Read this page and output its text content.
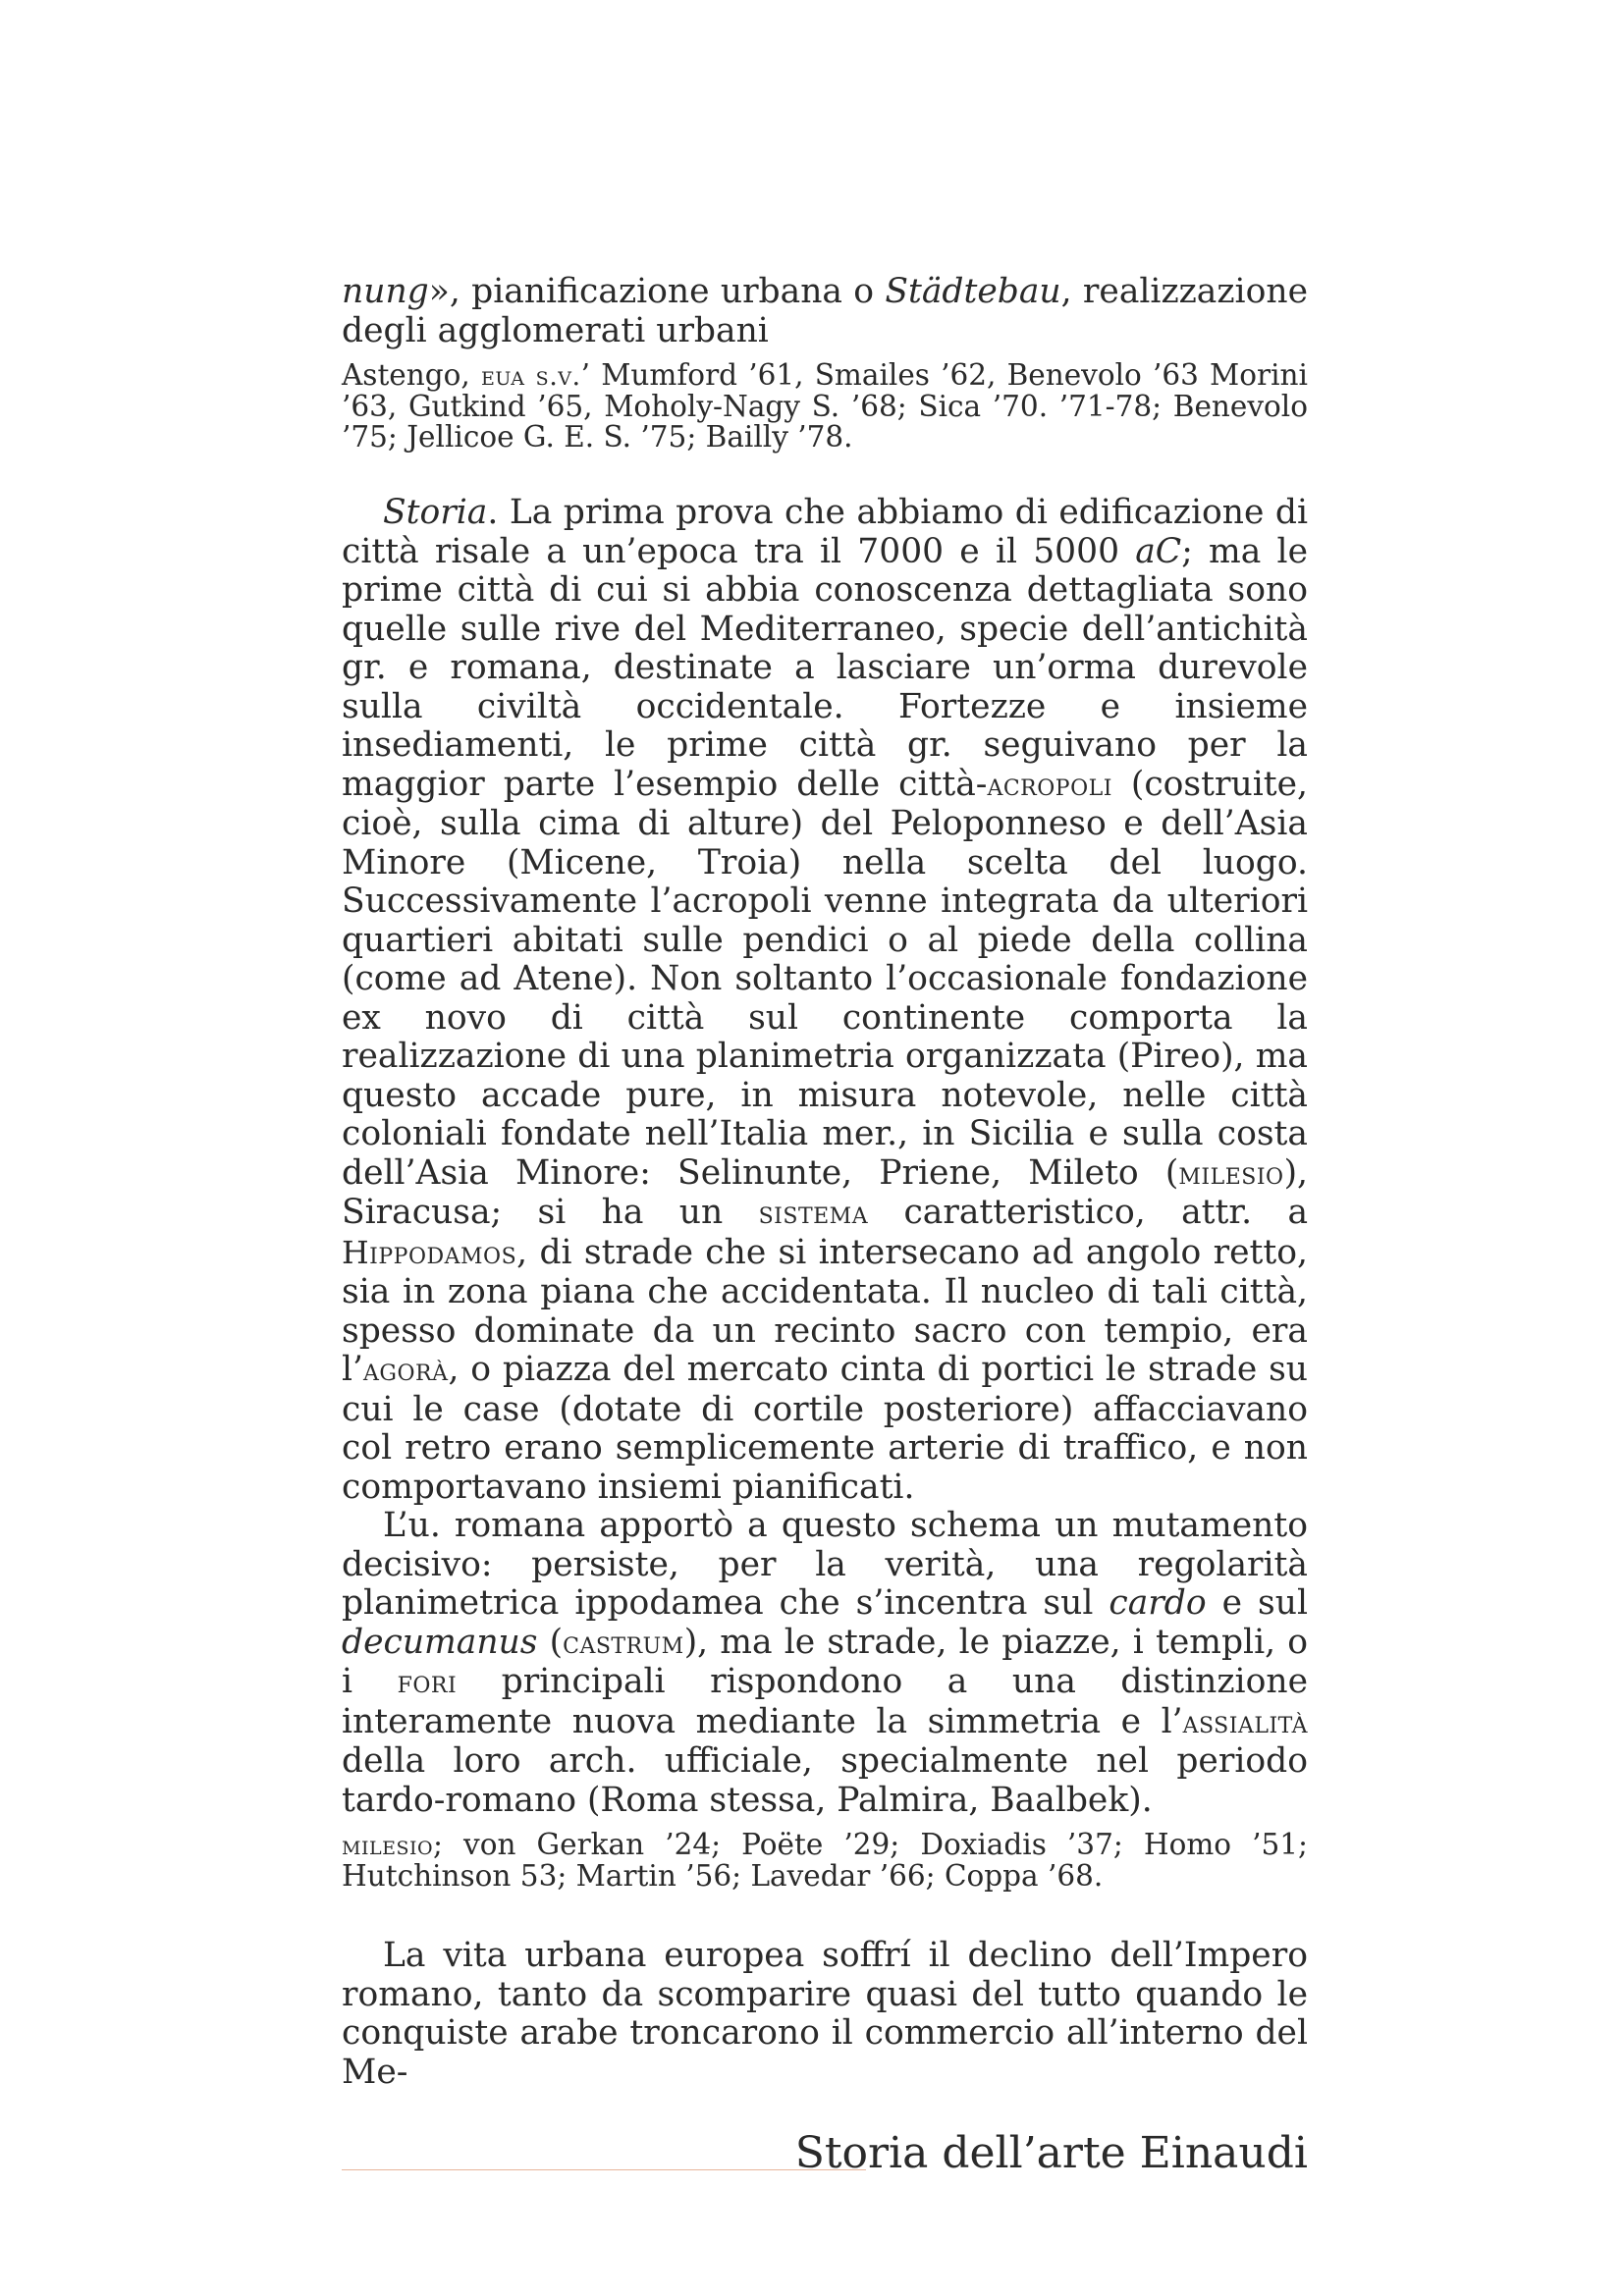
nung», pianificazione urbana o Städtebau, realizzazione degli agglomerati urbani

Astengo, eua s.v.’ Mumford ’61, Smailes ’62, Benevolo ’63 Morini ’63, Gutkind ’65, Moholy-Nagy S. ’68; Sica ’70. ’71-78; Benevolo ’75; Jellicoe G. E. S. ’75; Bailly ’78.

Storia. La prima prova che abbiamo di edificazione di città risale a un’epoca tra il 7000 e il 5000 aC; ma le prime città di cui si abbia conoscenza dettagliata sono quelle sulle rive del Mediterraneo, specie dell’antichità gr. e romana, destinate a lasciare un’orma durevole sulla civiltà occidentale. Fortezze e insieme insediamenti, le prime città gr. seguivano per la maggior parte l’esempio delle città-acropoli (costruite, cioè, sulla cima di alture) del Peloponneso e dell’Asia Minore (Micene, Troia) nella scelta del luogo. Successivamente l’acropoli venne integrata da ulteriori quartieri abitati sulle pendici o al piede della collina (come ad Atene). Non soltanto l’occasionale fondazione ex novo di città sul continente comporta la realizzazione di una planimetria organizzata (Pireo), ma questo accade pure, in misura notevole, nelle città coloniali fondate nell’Italia mer., in Sicilia e sulla costa dell’Asia Minore: Selinunte, Priene, Mileto (milesio), Siracusa; si ha un sistema caratteristico, attr. a Hippodamos, di strade che si intersecano ad angolo retto, sia in zona piana che accidentata. Il nucleo di tali città, spesso dominate da un recinto sacro con tempio, era l’agorà, o piazza del mercato cinta di portici le strade su cui le case (dotate di cortile posteriore) affacciavano col retro erano semplicemente arterie di traffico, e non comportavano insiemi pianificati.

L’u. romana apportò a questo schema un mutamento decisivo: persiste, per la verità, una regolarità planimetrica ippodamea che s’incentra sul cardo e sul decumanus (castrum), ma le strade, le piazze, i templi, o i fori principali rispondono a una distinzione interamente nuova mediante la simmetria e l’assialità della loro arch. ufficiale, specialmente nel periodo tardo-romano (Roma stessa, Palmira, Baalbek).

milesio; von Gerkan ’24; Poëte ’29; Doxiadis ’37; Homo ’51; Hutchinson 53; Martin ’56; Lavedar ’66; Coppa ’68.

La vita urbana europea soffrí il declino dell’Impero romano, tanto da scomparire quasi del tutto quando le conquiste arabe troncarono il commercio all’interno del Me-

Storia dell’arte Einaudi
